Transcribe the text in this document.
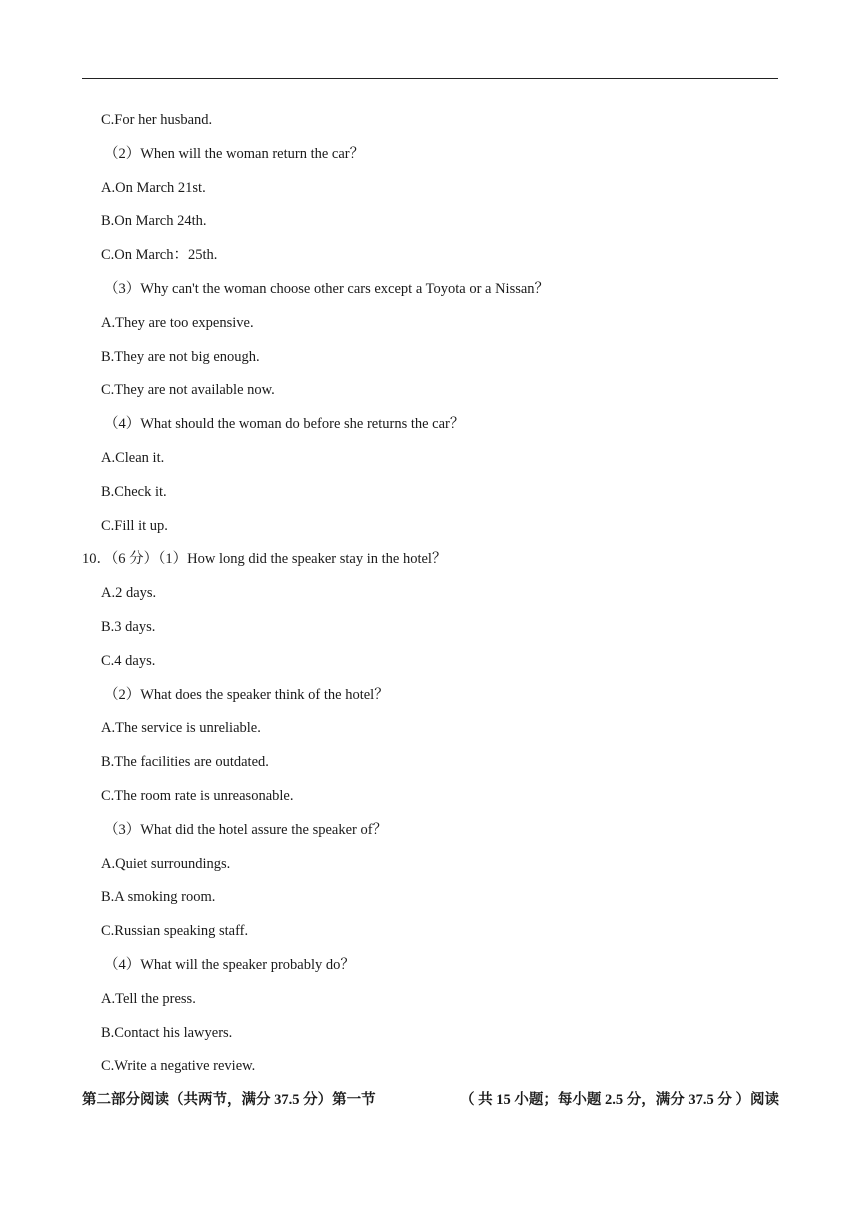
C.For her husband.
（2）When will the woman return the car？
A.On March 21st.
B.On March 24th.
C.On March：25th.
（3）Why can't the woman choose other cars except a Toyota or a Nissan？
A.They are too expensive.
B.They are not big enough.
C.They are not available now.
（4）What should the woman do before she returns the car？
A.Clean it.
B.Check it.
C.Fill it up.
10．（6 分）（1）How long did the speaker stay in the hotel？
A.2 days.
B.3 days.
C.4 days.
（2）What does the speaker think of the hotel？
A.The service is unreliable.
B.The facilities are outdated.
C.The room rate is unreasonable.
（3）What did the hotel assure the speaker of？
A.Quiet surroundings.
B.A smoking room.
C.Russian speaking staff.
（4）What will the speaker probably do？
A.Tell the press.
B.Contact his lawyers.
C.Write a negative review.
第二部分阅读（共两节，满分 37.5 分）第一节	（ 共 15 小题；每小题 2.5 分，满分 37.5 分 ）阅读
